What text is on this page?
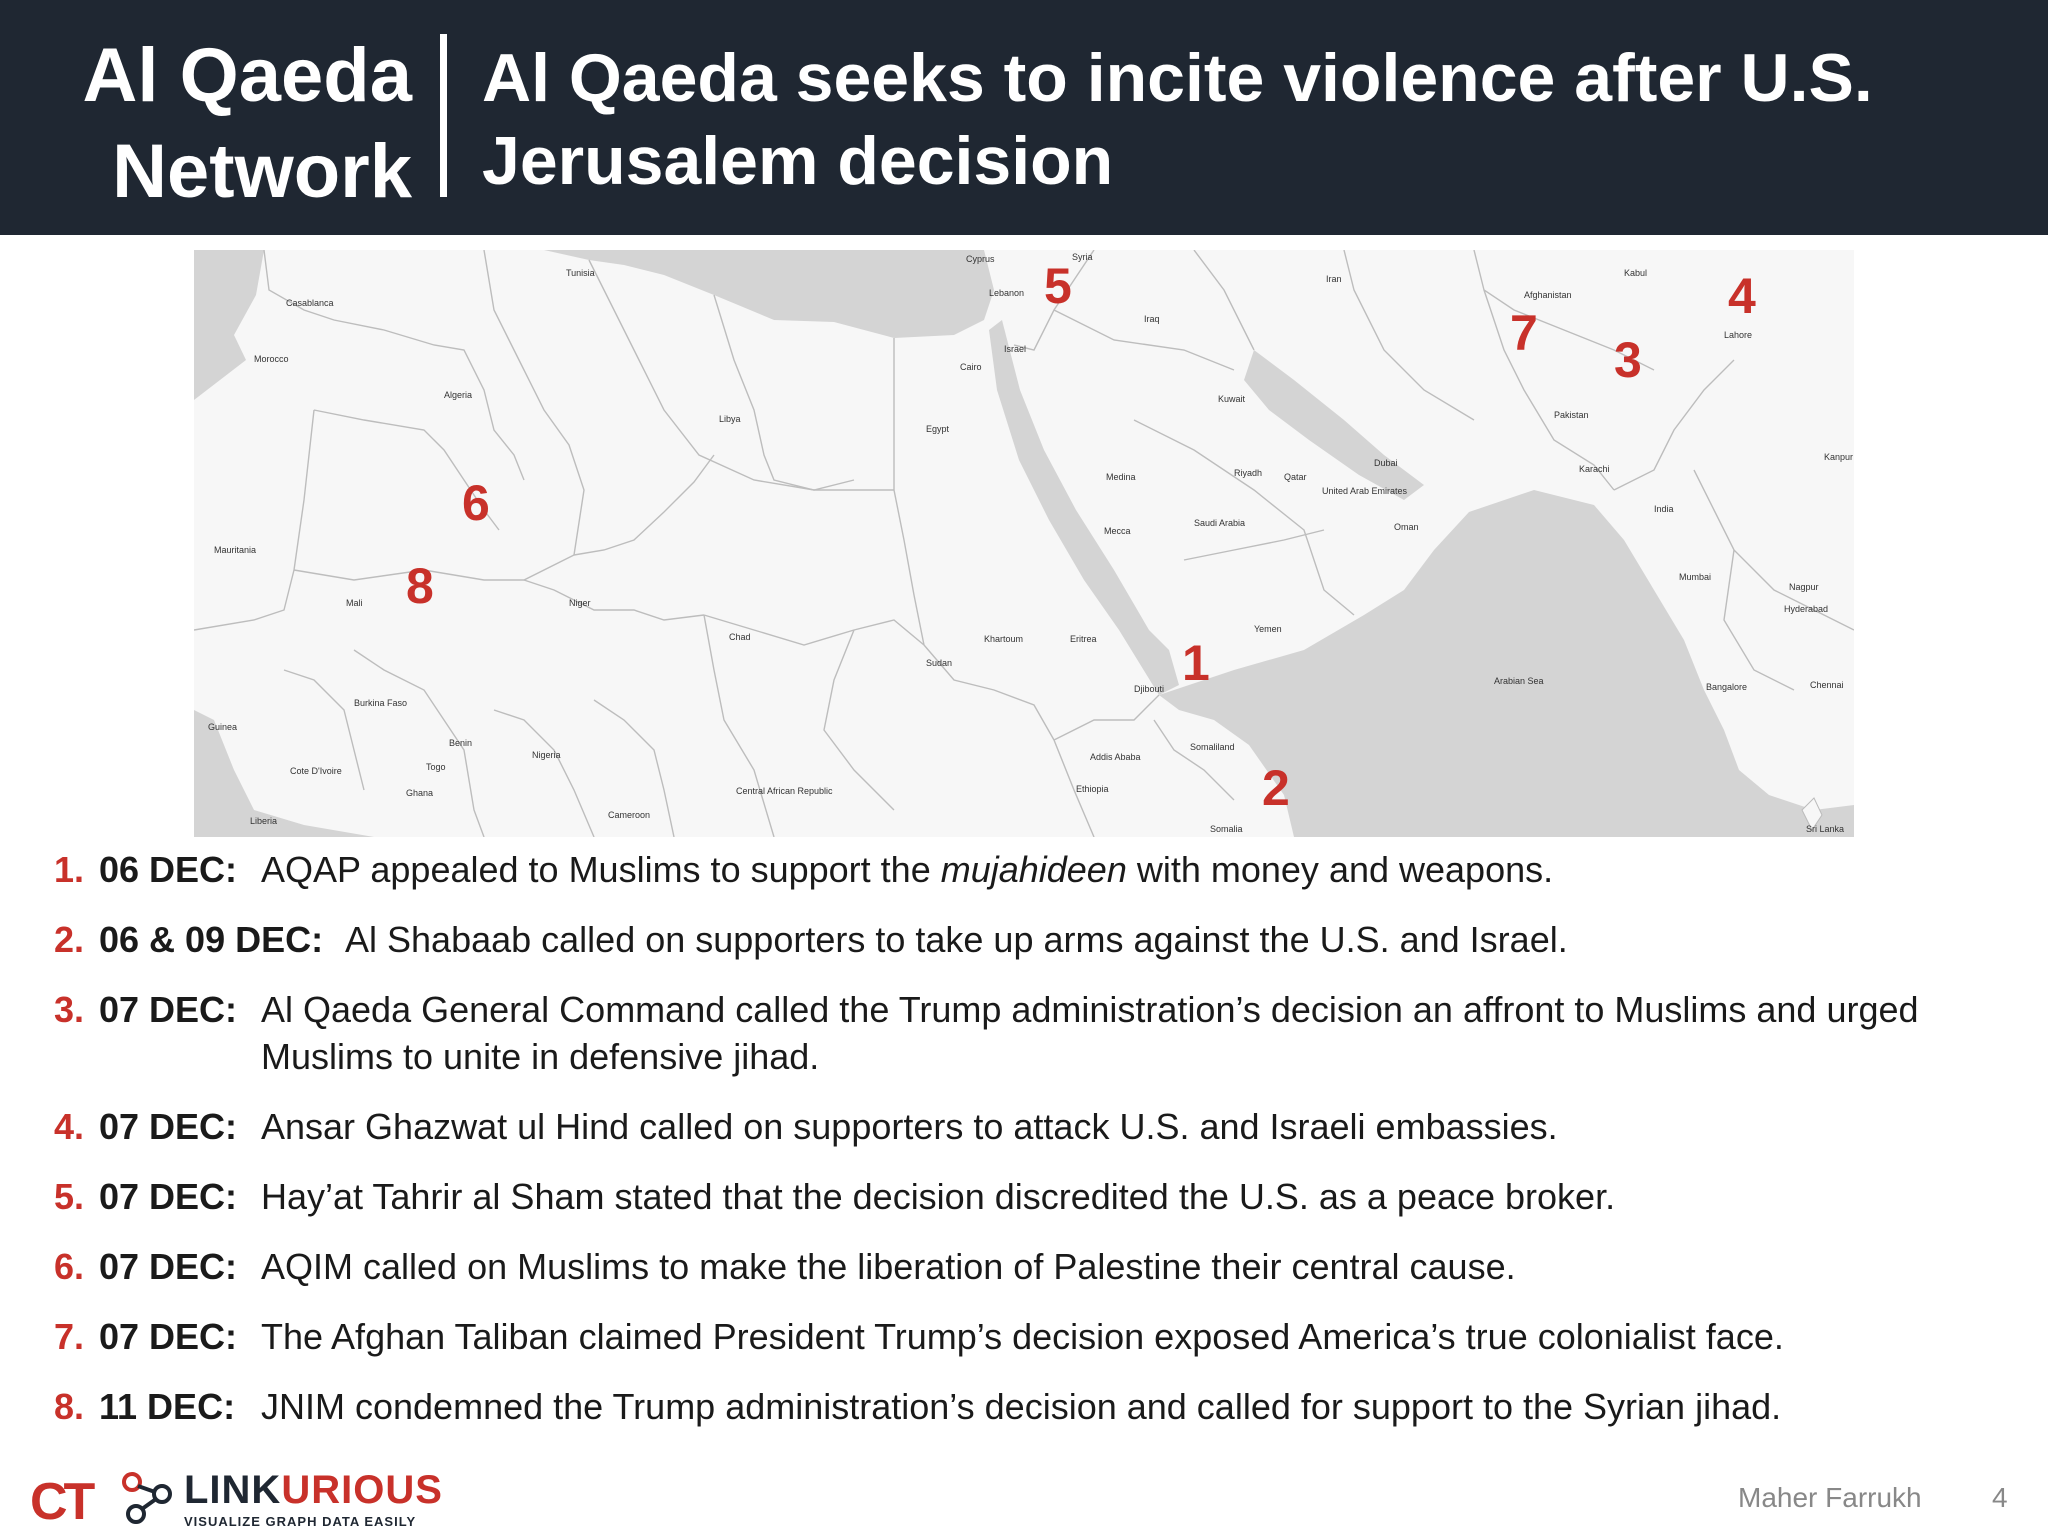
Al Qaeda
Network
Al Qaeda seeks to incite violence after U.S. Jerusalem decision
Tunisia
Cyprus	Syria
Lebanon
Israel
Iraq
Iran
Afghanistan
Kabul
Lahore
Casablanca
Morocco
Algeria
Libya
Egypt
Cairo
Kuwait
Pakistan
Karachi
Kanpur
Saudi Arabia
Riyadh
Medina
Mecca
Qatar
Dubai
United Arab Emirates
Oman
India
Nagpur
Mumbai
Hyderabad
Mauritania
Mali	Niger
Chad
Sudan
Khartoum	Eritrea
Yemen
Djibouti
Somaliland
Ethiopia
Addis Ababa
Somalia
Arabian Sea
Bangalore	Chennai
Sri Lanka
Burkina Faso
Guinea
Benin
Nigeria
Togo
Ghana
Cote D'Ivoire
Liberia
Cameroon
Central African Republic
1
2
3
4
5
6
7
8
1. 06 DEC: AQAP appealed to Muslims to support the mujahideen with money and weapons.
2. 06 & 09 DEC: Al Shabaab called on supporters to take up arms against the U.S. and Israel.
3. 07 DEC: Al Qaeda General Command called the Trump administration’s decision an affront to Muslims and urged Muslims to unite in defensive jihad.
4. 07 DEC: Ansar Ghazwat ul Hind called on supporters to attack U.S. and Israeli embassies.
5. 07 DEC: Hay’at Tahrir al Sham stated that the decision discredited the U.S. as a peace broker.
6. 07 DEC: AQIM called on Muslims to make the liberation of Palestine their central cause.
7. 07 DEC: The Afghan Taliban claimed President Trump’s decision exposed America’s true colonialist face.
8. 11 DEC: JNIM condemned the Trump administration’s decision and called for support to the Syrian jihad.
CT LINKURIOUS
VISUALIZE GRAPH DATA EASILY
Maher Farrukh	4
